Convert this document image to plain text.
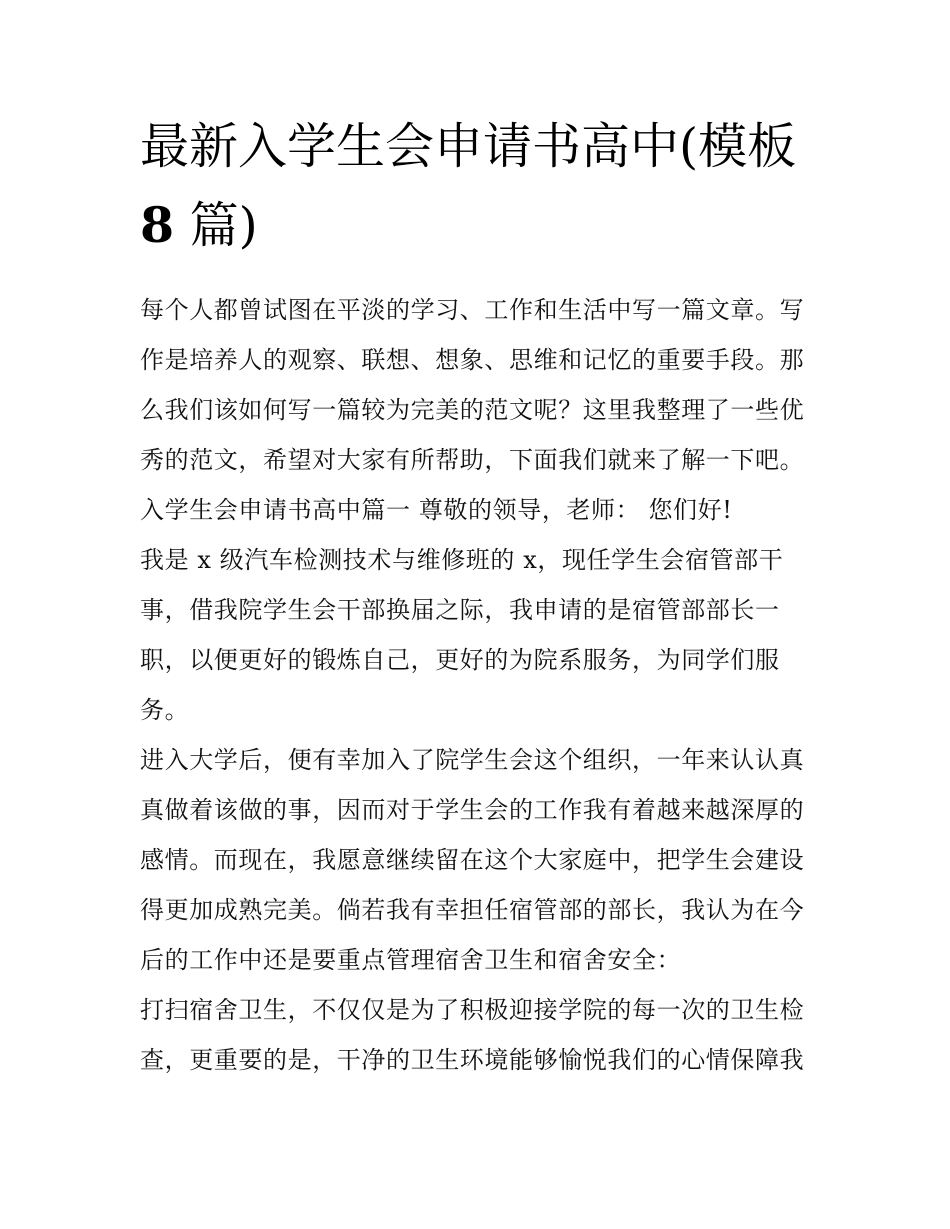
最新入学生会申请书高中(模板
8 篇)

每个人都曾试图在平淡的学习、工作和生活中写一篇文章。写作是培养人的观察、联想、想象、思维和记忆的重要手段。那么我们该如何写一篇较为完美的范文呢？这里我整理了一些优秀的范文，希望对大家有所帮助，下面我们就来了解一下吧。

入学生会申请书高中篇一 尊敬的领导，老师： 您们好!

我是 x 级汽车检测技术与维修班的 x，现任学生会宿管部干事，借我院学生会干部换届之际，我申请的是宿管部部长一职，以便更好的锻炼自己，更好的为院系服务，为同学们服务。

进入大学后，便有幸加入了院学生会这个组织，一年来认认真真做着该做的事，因而对于学生会的工作我有着越来越深厚的感情。而现在，我愿意继续留在这个大家庭中，把学生会建设得更加成熟完美。倘若我有幸担任宿管部的部长，我认为在今后的工作中还是要重点管理宿舍卫生和宿舍安全：

打扫宿舍卫生，不仅仅是为了积极迎接学院的每一次的卫生检查，更重要的是，干净的卫生环境能够愉悦我们的心情保障我
